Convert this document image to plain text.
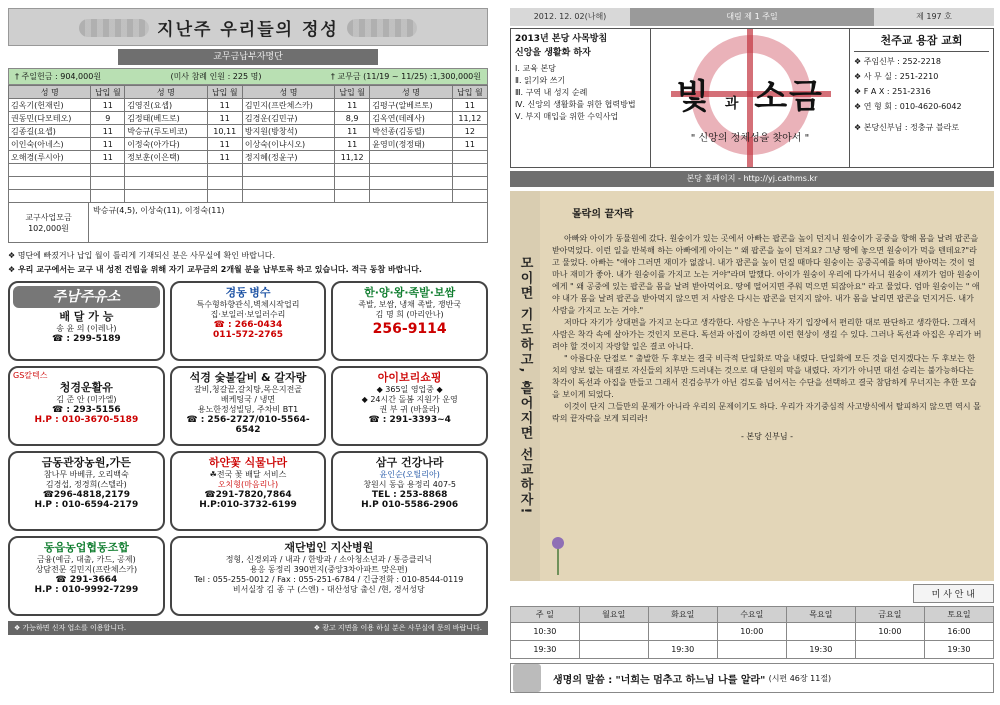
지난주 우리들의 정성
교무금납부자명단
† 주일헌금 : 904,000원	(미사 참례 인원 : 225 명)	† 교무금 (11/19 ~ 11/25) :1,300,000원
성 명	납입 월	성 명	납입 월	성 명	납입 월	성 명	납입 월
김옥기(헌재린)	11	김영진(요셉)	11	김민지(프란체스카)	11	김평구(알베르토)	11
권동민(다모테오)	9	김정태(베드로)	11	김경운(김민규)	8,9	김옥연(데레사)	11,12
김종길(요셉)	11	박승규(루도비코)	10,11	방지원(방창석)	11	박선종(김동렬)	12
이인숙(아네스)	11	이정숙(아가다)	11	이상숙(이냐시오)	11	윤영미(정정태)	11
오해경(루시아)	11	정보훈(이은택)	11	정지혜(정윤구)	11,12		

교구사업모금
102,000원
박승규(4,5), 이상숙(11), 이정숙(11)
❖ 명단에 빠졌거나 납입 월이 틀리게 기재되신 분은 사무실에 확인 바랍니다.
❖ 우리 교구에서는 교구 내 성전 건립을 위해 자기 교무금의 2개월 분을 납부토록 하고 있습니다. 적극 동참 바랍니다.
주남주유소
배 달 가 능
송 윤 의 (이레나)
☎ : 299-5189
경동 병수
특수형하향관식,벽체시작업리
집·보일러·보일러수리
☎ : 266-0434
011-572-2765
한·양·왕·족발·보쌈
족발, 보쌈, 냉채 족발, 쟁반국
김 명 희 (마리안나)
256-9114
GS칼텍스
청경운활유
김 준 안 (미카엘)
☎ : 293-5156
H.P : 010-3670-5189
석경 숯불갈비 & 갈자랑
갈비,청갈끝,갈치탕,목은지전골
배케팅국 / 냉면
용노한정성빌딩, 주차비 BT1
☎ : 256-2727/010-5564-6542
아이보리쇼핑
◆ 365일 영업중 ◆
◆ 24시간 돌봄 지원가 운영
권 부 귀 (바울라)
☎ : 291-3393~4
금동관장농원,가든
참나무 바베큐, 오리백숙
김경섭, 정경희(스텔라)
☎296-4818,2179
H.P : 010-6594-2179
하얀꽃 식물나라
☘전국 꽃 배달 서비스
오치형(마음리나)
☎291-7820,7864
H.P:010-3732-6199
삼구 건강나라
윤인순(오틸리아)
창원시 동읍 용정리 407-5
TEL : 253-8868
H.P 010-5586-2906
동읍농업협동조합
금융(예금, 대출, 카드, 공제)
상담전문 김민지(프란체스카)
☎ 291-3664
H.P : 010-9992-7299
재단법인 지산병원
정형, 신경외과 / 내과 / 한방과 / 소아청소년과 / 통증클리닉
용응 동정리 390번지(중앙3차아파트 맞은편)
Tel : 055-255-0012 / Fax : 055-251-6784 / 긴급전화 : 010-8544-0119
비서실장 김 종 구 (스엔) - 대산성당 출신 /현, 경서성당
❖ 가능하면 신자 업소를 이용합니다.	❖ 광고 지면을 이용 하실 분은 사무실에 문의 바랍니다.
2012. 12. 02(나해)	대림 제 1 주일	제 197 호
2013년 본당 사목방침
신앙을 생활화 하자
Ⅰ. 교육 본당
Ⅱ. 읽기와 쓰기
Ⅲ. 구역 내 성지 순례
Ⅳ. 신앙의 생활화를 위한 협력방법
Ⅴ. 부지 매입을 위한 수익사업	빛 과 소금
" 신앙의 정체성을 찾아서 "
천주교 용잠 교회
❖ 주임신부 : 252-2218
❖ 사 무 실 : 251-2210
❖ F A X : 251-2316
❖ 연 형 회 : 010-4620-6042
❖ 본당신부님 : 정충규 블라로
본당 홈페이지 - http://yj.cathms.kr
모이면 기도하고, 흩어지면 선교하자!
몰락의 끝자락

아빠와 아이가 동물원에 갔다. 원숭이가 있는 곳에서 아빠는 팝콘을 높이 던지니 원숭이가 공중을 향해 몸을 날려 팝콘을 받아먹었다. 이런 일을 반복해 하는 아빠에게 아이는 " 왜 팝콘을 높이 던져요? 그냥 땅에 놓으면 원숭이가 먹을 텐데요?"라고 물었다. 아빠는 "애야 그러면 재미가 없잖니. 내가 팝콘을 높이 던질 때마다 원숭이는 공중곡예를 하며 받아먹는 것이 얼마나 재미가 좋아. 내가 원숭이를 가지고 노는 거야"라며 말했다. 아이가 원숭이 우리에 다가서니 원숭이 새끼가 엄마 원숭이에게 " 왜 공중에 있는 팝콘을 몸을 날려 받아먹어요. 땅에 떨어지면 주워 먹으면 되잖아요" 라고 물었다. 엄마 원숭이는 " 애야 내가 몸을 날려 팝콘을 받아먹지 않으면 저 사람은 다시는 팝콘을 던지지 않아. 내가 몸을 날리면 팝콘을 던지거든. 내가 사람을 가지고 노는 거야."

저마다 자기가 상대편을 가지고 논다고 생각한다. 사람은 누구나 자기 입장에서 편리한 대로 판단하고 생각한다. 그래서 사람은 착각 속에 살아가는 것인지 모른다. 독선과 아집이 강하면 이런 현상이 생길 수 있다. 그러나 독선과 아집은 우리가 버려야 할 것이지 자랑할 일은 결코 아니다.

" 아름다운 단절로 " 출발한 두 후보는 결국 비극적 단일화로 막을 내렸다. 단일화에 모든 것을 던지겠다는 두 후보는 한 치의 양보 없는 대결로 자신들의 치부만 드러내는 것으로 대 단원의 막을 내렸다. 자기가 아니면 대선 승리는 불가능하다는 착각이 독선과 아집을 만들고 그래서 진검승부가 아닌 검도를 넘어서는 수단을 선택하고 결국 참담하게 무너지는 추한 모습을 보이게 되었다.

이것이 단지 그들만의 문제가 아니라 우리의 문제이기도 하다. 우리가 자기중심적 사고방식에서 탈피하지 않으면 역시 몰락의 끝자락을 보게 되리라!

- 본당 신부님 -
미 사 안 내
주 일	월요일	화요일	수요일	목요일	금요일	토요일
10:30			10:00		10:00	16:00
19:30		19:30		19:30		19:30
생명의 말씀 :
"너희는 멈추고 하느님 나를 알라"
(시편 46장 11절)
